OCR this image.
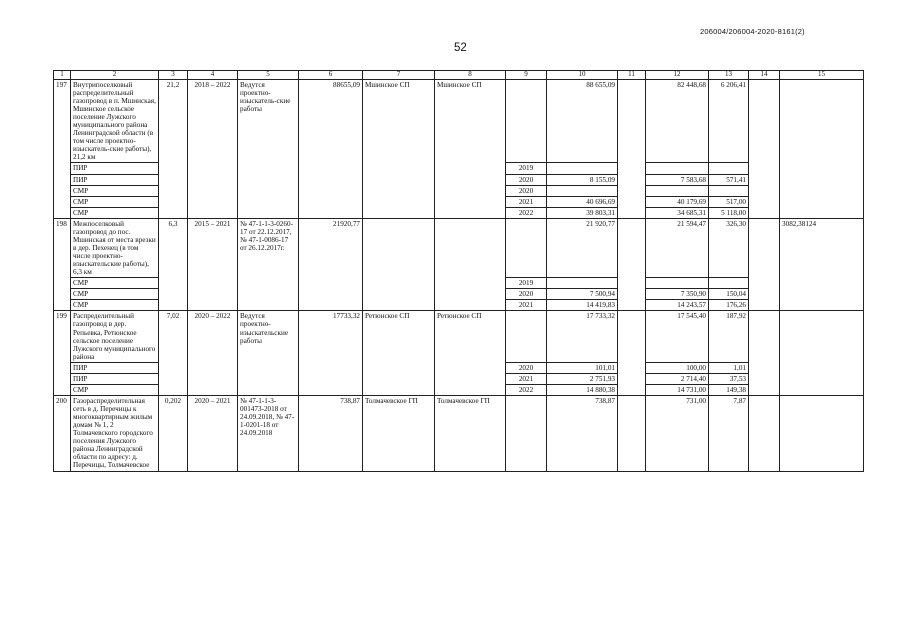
206004/206004-2020-8161(2)
52
1	2	3	4	5	6	7	8	9	10	11	12	13	14	15
197	Внутрипоселковый распределительный газопровод в п. Мшинская, Мшинское сельское поселение Лужского муниципального района Ленинградской области (в том числе проектно-изыскатель-ские работы), 21,2 км	21,2	2018 – 2022	Ведутся проектно-изыскатель-ские работы	88655,09	Мшинское СП	Мшинское СП		88 655,09		82 448,68	6 206,41		
	ПИР							2019						
	ПИР							2020	8 155,09		7 583,68	571,41		
	СМР							2020						
	СМР							2021	40 696,69		40 179,69	517,00		
	СМР							2022	39 803,31		34 685,31	5 118,00		
198	Межпоселковый газопровод до пос. Мшинская от места врезки в дер. Пехенец (в том числе проектно-изыскательские работы), 6,3 км	6,3	2015 – 2021	№ 47-1-1-3-0260-17 от 22.12.2017, № 47-1-0086-17 от 26.12.2017г.	21920,77				21 920,77		21 594,47	326,30		3082,38124
	СМР							2019						
	СМР							2020	7 500,94		7 350,90	150,04		
	СМР							2021	14 419,83		14 243,57	176,26		
199	Распределительный газопровод в дер. Репьевка, Ретюнское сельское поселение Лужского муниципального района	7,02	2020 – 2022	Ведутся проектно-изыскательские работы	17733,32	Ретюнское СП	Ретюнское СП		17 733,32		17 545,40	187,92		
	ПИР							2020	101,01		100,00	1,01		
	ПИР							2021	2 751,93		2 714,40	37,53		
	СМР							2022	14 880,38		14 731,00	149,38		
200	Газораспределительная сеть в д. Перечицы к многоквартирным жилым домам № 1, 2 Толмачевского городского поселения Лужского района Ленинградской области по адресу: д. Перечицы, Толмачевское	0,202	2020 – 2021	№ 47-1-1-3-001473-2018 от 24.09.2018, № 47-1-0201-18 от 24.09.2018	738,87	Толмачевское ГП	Толмачевское ГП		738,87		731,00	7,87		
